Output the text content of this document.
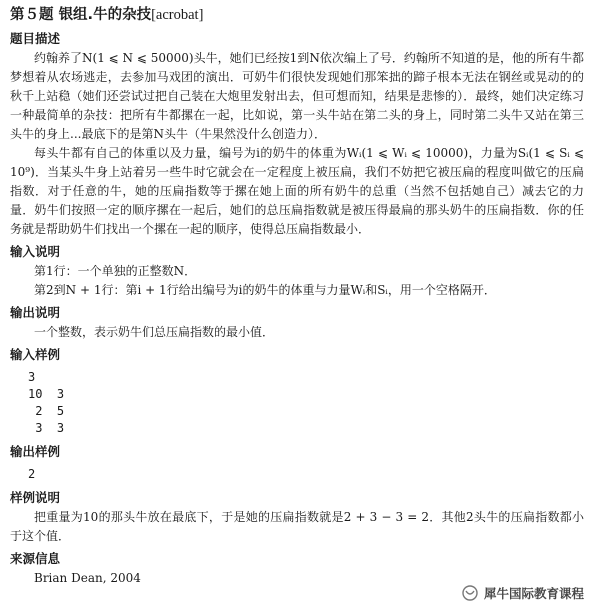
第５题 银组.牛的杂技[acrobat]
题目描述

约翰养了N(1 ⩽ N ⩽ 50000)头牛，她们已经按1到N依次编上了号．约翰所不知道的是，他的所有牛都梦想着从农场逃走，去参加马戏团的演出．可奶牛们很快发现她们那笨拙的蹄子根本无法在钢丝或晃动的的秋千上站稳（她们还尝试过把自己装在大炮里发射出去，但可想而知，结果是悲惨的）．最终，她们决定练习一种最简单的杂技：把所有牛都摞在一起，比如说，第一头牛站在第二头的身上，同时第二头牛又站在第三头牛的身上...最底下的是第N头牛（牛果然没什么创造力）．

每头牛都有自己的体重以及力量，编号为i的奶牛的体重为Wᵢ(1 ⩽ Wᵢ ⩽ 10000)，力量为Sᵢ(1 ⩽ Sᵢ ⩽ 10⁹)．当某头牛身上站着另一些牛时它就会在一定程度上被压扁，我们不妨把它被压扁的程度叫做它的压扁指数．对于任意的牛，她的压扁指数等于摞在她上面的所有奶牛的总重（当然不包括她自己）减去它的力量．奶牛们按照一定的顺序摞在一起后，她们的总压扁指数就是被压得最扁的那头奶牛的压扁指数．你的任务就是帮助奶牛们找出一个摞在一起的顺序，使得总压扁指数最小．

输入说明

第1行：一个单独的正整数N．

第2到N + 1行：第i + 1行给出编号为i的奶牛的体重与力量Wᵢ和Sᵢ，用一个空格隔开．

输出说明

一个整数，表示奶牛们总压扁指数的最小值．

输入样例
3
10  3
2  5
3  3
输出样例
2
样例说明

把重量为10的那头牛放在最底下，于是她的压扁指数就是2 + 3 − 3 = 2．其他2头牛的压扁指数都小于这个值．

来源信息

Brian Dean, 2004

犀牛国际教育课程
